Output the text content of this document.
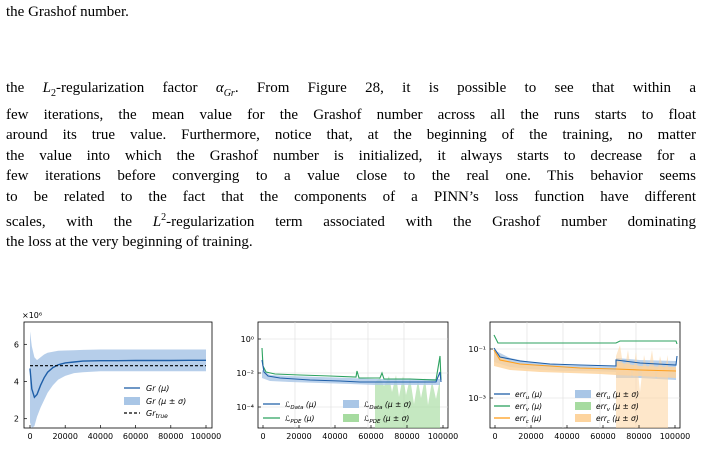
the Grashof number.
the $L_2$-regularization factor $\alpha_{Gr}$. From Figure 28, it is possible to see that within a
few iterations, the mean value for the Grashof number across all the runs starts to float
around its true value. Furthermore, notice that, at the beginning of the training, no matter
the value into which the Grashof number is initialized, it always starts to decrease for a
few iterations before converging to a value close to the real one. This behavior seems
to be related to the fact that the components of a PINN’s loss function have different
scales, with the $L^2$-regularization term associated with the Grashof number dominating
the loss at the very beginning of training.
0 20000 40000 60000 80000 100000
2
4
6
×10⁶
Gr (μ)
Gr (μ ± σ)
$Gr_{true}$
0	20000 40000 60000 80000 100000
10⁰
10⁻²
10⁻⁴	ℒ$_{Data}$ (μ)
ℒ$_{PDE}$ (μ)
ℒ$_{Data}$ (μ ± σ)
ℒ$_{PDE}$ (μ ± σ)
0	20000 40000 60000 80000 100000
10⁻¹
10⁻³	err$_u$ (μ)
err$_v$ (μ)
err$_c$ (μ)
err$_u$ (μ ± σ)
err$_v$ (μ ± σ)
err$_c$ (μ ± σ)
